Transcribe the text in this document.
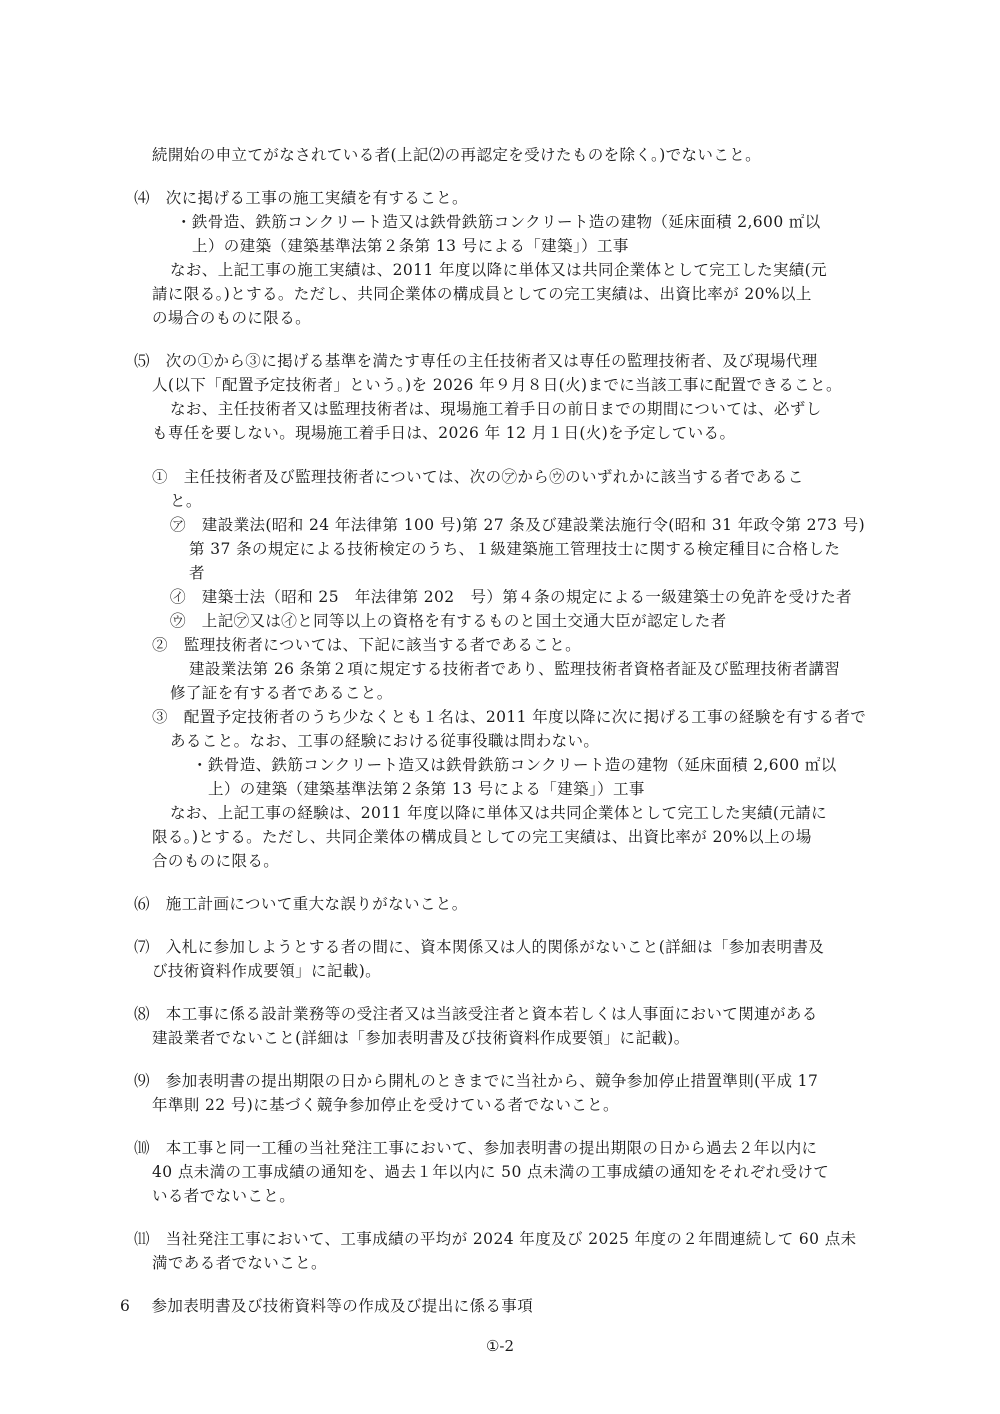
続開始の申立てがなされている者(上記⑵の再認定を受けたものを除く。)でないこと。

⑷　次に掲げる工事の施工実績を有すること。

・鉄骨造、鉄筋コンクリート造又は鉄骨鉄筋コンクリート造の建物（延床面積 2,600 ㎡以

上）の建築（建築基準法第２条第 13 号による「建築」）工事

なお、上記工事の施工実績は、2011 年度以降に単体又は共同企業体として完工した実績(元

請に限る。)とする。ただし、共同企業体の構成員としての完工実績は、出資比率が 20%以上

の場合のものに限る。

⑸　次の①から③に掲げる基準を満たす専任の主任技術者又は専任の監理技術者、及び現場代理

人(以下「配置予定技術者」という。)を 2026 年９月８日(火)までに当該工事に配置できること。

なお、主任技術者又は監理技術者は、現場施工着手日の前日までの期間については、必ずし

も専任を要しない。現場施工着手日は、2026 年 12 月１日(火)を予定している。

①　主任技術者及び監理技術者については、次の㋐から㋒のいずれかに該当する者であるこ

と。

㋐　建設業法(昭和 24 年法律第 100 号)第 27 条及び建設業法施行令(昭和 31 年政令第 273 号)

第 37 条の規定による技術検定のうち、１級建築施工管理技士に関する検定種目に合格した

者

㋑　建築士法（昭和 25　年法律第 202　号）第４条の規定による一級建築士の免許を受けた者

㋒　上記㋐又は㋑と同等以上の資格を有するものと国土交通大臣が認定した者

②　監理技術者については、下記に該当する者であること。

建設業法第 26 条第２項に規定する技術者であり、監理技術者資格者証及び監理技術者講習

修了証を有する者であること。

③　配置予定技術者のうち少なくとも１名は、2011 年度以降に次に掲げる工事の経験を有する者で

あること。なお、工事の経験における従事役職は問わない。

・鉄骨造、鉄筋コンクリート造又は鉄骨鉄筋コンクリート造の建物（延床面積 2,600 ㎡以

上）の建築（建築基準法第２条第 13 号による「建築」）工事

なお、上記工事の経験は、2011 年度以降に単体又は共同企業体として完工した実績(元請に

限る。)とする。ただし、共同企業体の構成員としての完工実績は、出資比率が 20%以上の場

合のものに限る。

⑹　施工計画について重大な誤りがないこと。

⑺　入札に参加しようとする者の間に、資本関係又は人的関係がないこと(詳細は「参加表明書及

び技術資料作成要領」に記載)。

⑻　本工事に係る設計業務等の受注者又は当該受注者と資本若しくは人事面において関連がある

建設業者でないこと(詳細は「参加表明書及び技術資料作成要領」に記載)。

⑼　参加表明書の提出期限の日から開札のときまでに当社から、競争参加停止措置準則(平成 17

年準則 22 号)に基づく競争参加停止を受けている者でないこと。

⑽　本工事と同一工種の当社発注工事において、参加表明書の提出期限の日から過去２年以内に

40 点未満の工事成績の通知を、過去１年以内に 50 点未満の工事成績の通知をそれぞれ受けて

いる者でないこと。

⑾　当社発注工事において、工事成績の平均が 2024 年度及び 2025 年度の２年間連続して 60 点未

満である者でないこと。

6　 参加表明書及び技術資料等の作成及び提出に係る事項

①-2
